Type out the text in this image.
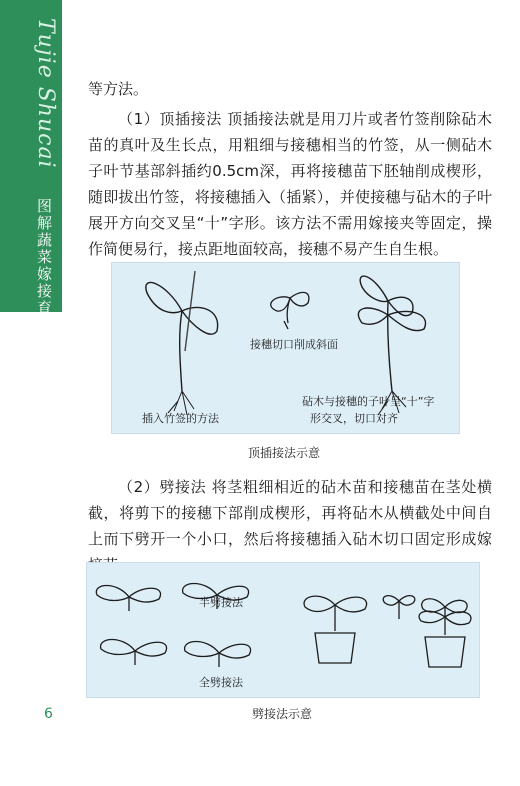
Tujie Shucai
图解蔬菜嫁接育苗技术

等方法。

（1）顶插接法 顶插接法就是用刀片或者竹签削除砧木苗的真叶及生长点，用粗细与接穗相当的竹签，从一侧砧木子叶节基部斜插约0.5cm深，再将接穗苗下胚轴削成楔形，随即拔出竹签，将接穗插入（插紧），并使接穗与砧木的子叶展开方向交叉呈“十”字形。该方法不需用嫁接夹等固定，操作简便易行，接点距地面较高，接穗不易产生自生根。

插入竹签的方法
接穗切口削成斜面
砧木与接穗的子叶呈“十”字
形交叉，切口对齐
顶插接法示意

（2）劈接法 将茎粗细相近的砧木苗和接穗苗在茎处横截，将剪下的接穗下部削成楔形，再将砧木从横截处中间自上而下劈开一个小口，然后将接穗插入砧木切口固定形成嫁

半劈接法
全劈接法
劈接法示意
6
